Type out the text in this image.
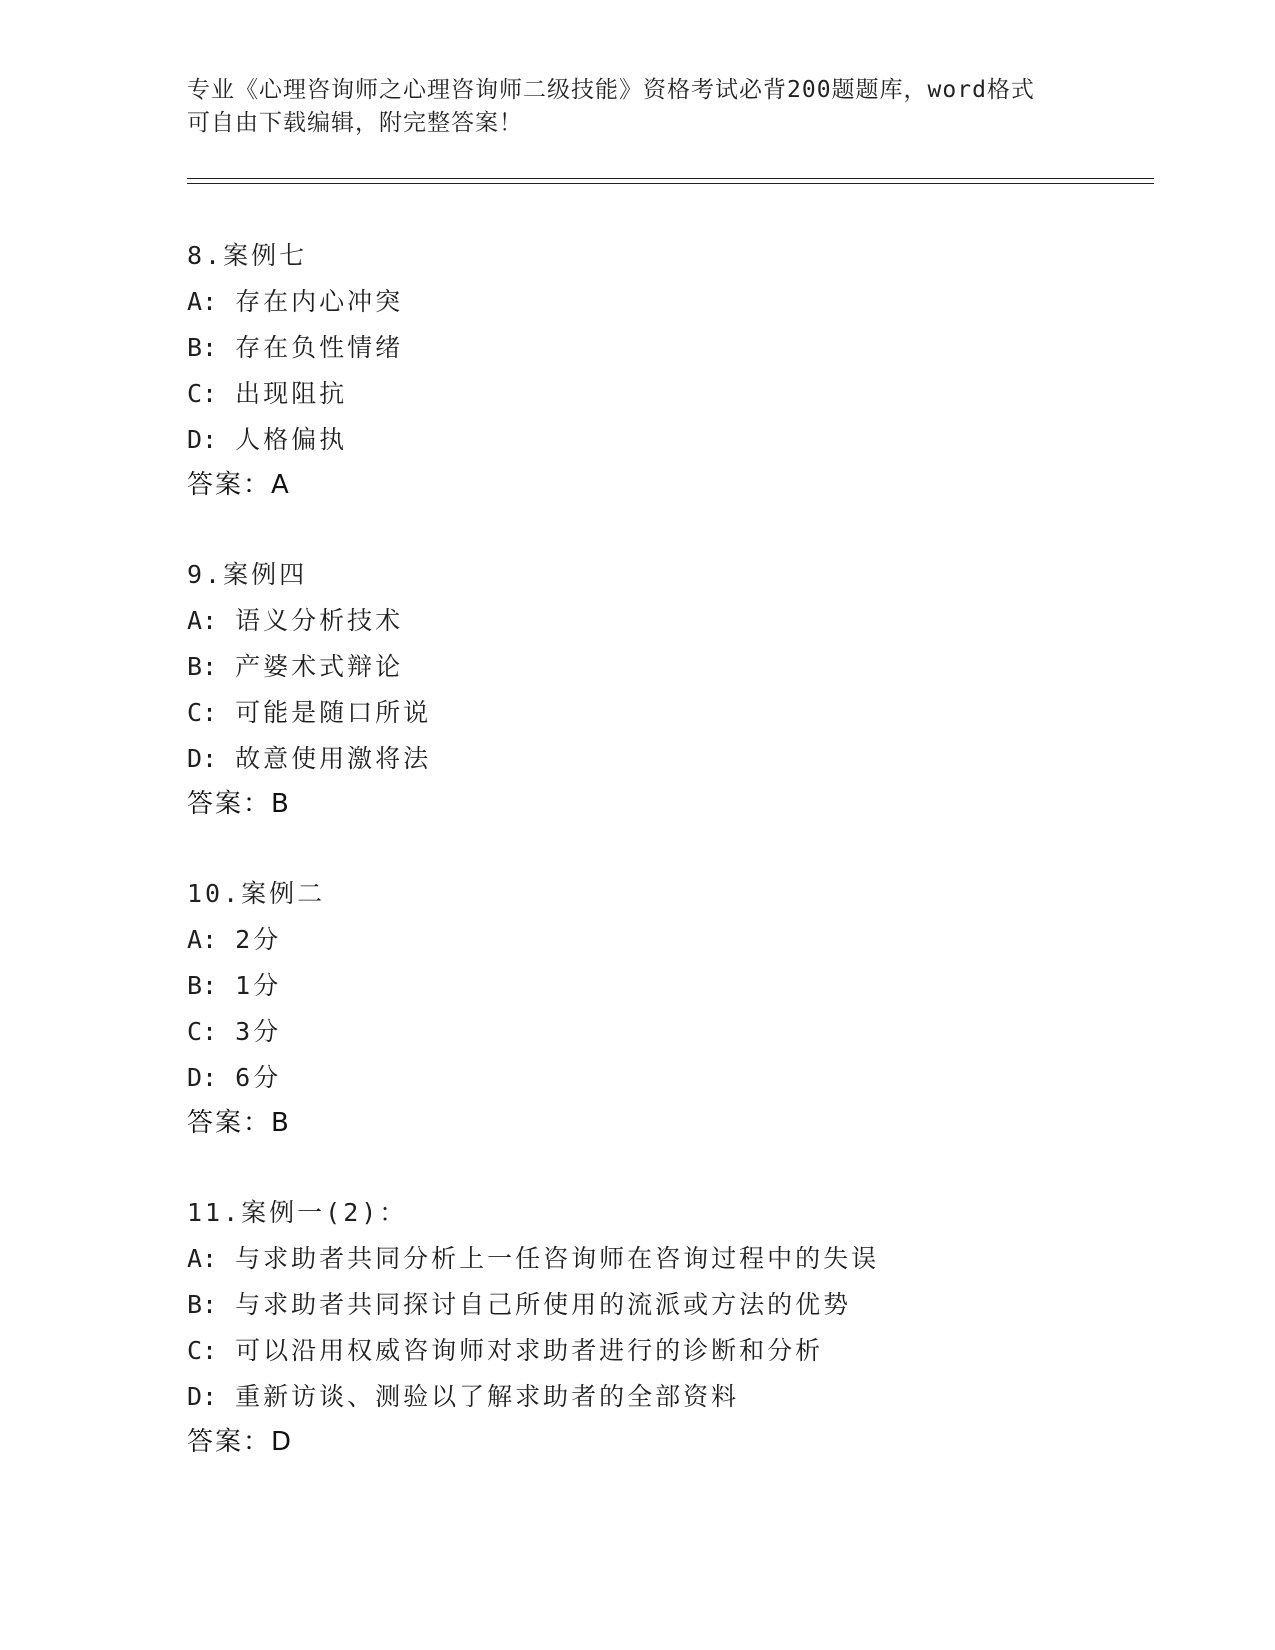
专业《心理咨询师之心理咨询师二级技能》资格考试必背200题题库，word格式
可自由下载编辑，附完整答案！
8.案例七
A: 存在内心冲突
B: 存在负性情绪
C: 出现阻抗
D: 人格偏执
答案：A
9.案例四
A: 语义分析技术
B: 产婆术式辩论
C: 可能是随口所说
D: 故意使用激将法
答案：B
10.案例二
A: 2分
B: 1分
C: 3分
D: 6分
答案：B
11.案例一(2)：
A: 与求助者共同分析上一任咨询师在咨询过程中的失误
B: 与求助者共同探讨自己所使用的流派或方法的优势
C: 可以沿用权威咨询师对求助者进行的诊断和分析
D: 重新访谈、测验以了解求助者的全部资料
答案：D
